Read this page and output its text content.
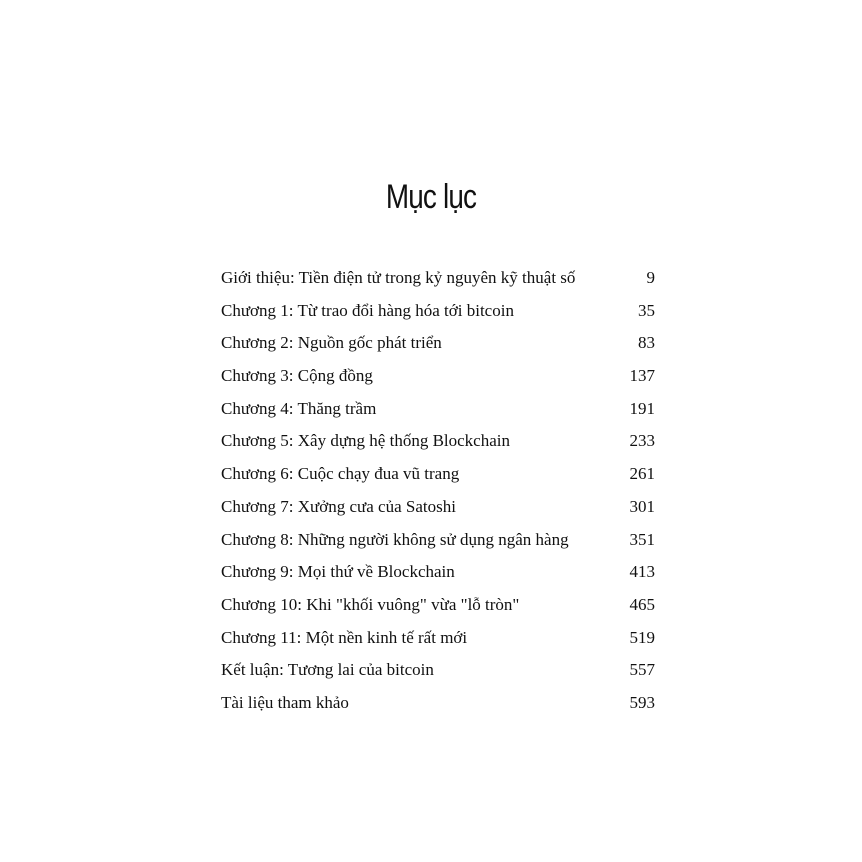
Mục lục
Giới thiệu: Tiền điện tử trong kỷ nguyên kỹ thuật số	9
Chương 1: Từ trao đổi hàng hóa tới bitcoin	35
Chương 2: Nguồn gốc phát triển	83
Chương 3: Cộng đồng	137
Chương 4: Thăng trầm	191
Chương 5: Xây dựng hệ thống Blockchain	233
Chương 6: Cuộc chạy đua vũ trang	261
Chương 7: Xưởng cưa của Satoshi	301
Chương 8: Những người không sử dụng ngân hàng	351
Chương 9: Mọi thứ về Blockchain	413
Chương 10: Khi "khối vuông" vừa "lỗ tròn"	465
Chương 11: Một nền kinh tế rất mới	519
Kết luận: Tương lai của bitcoin	557
Tài liệu tham khảo	593
